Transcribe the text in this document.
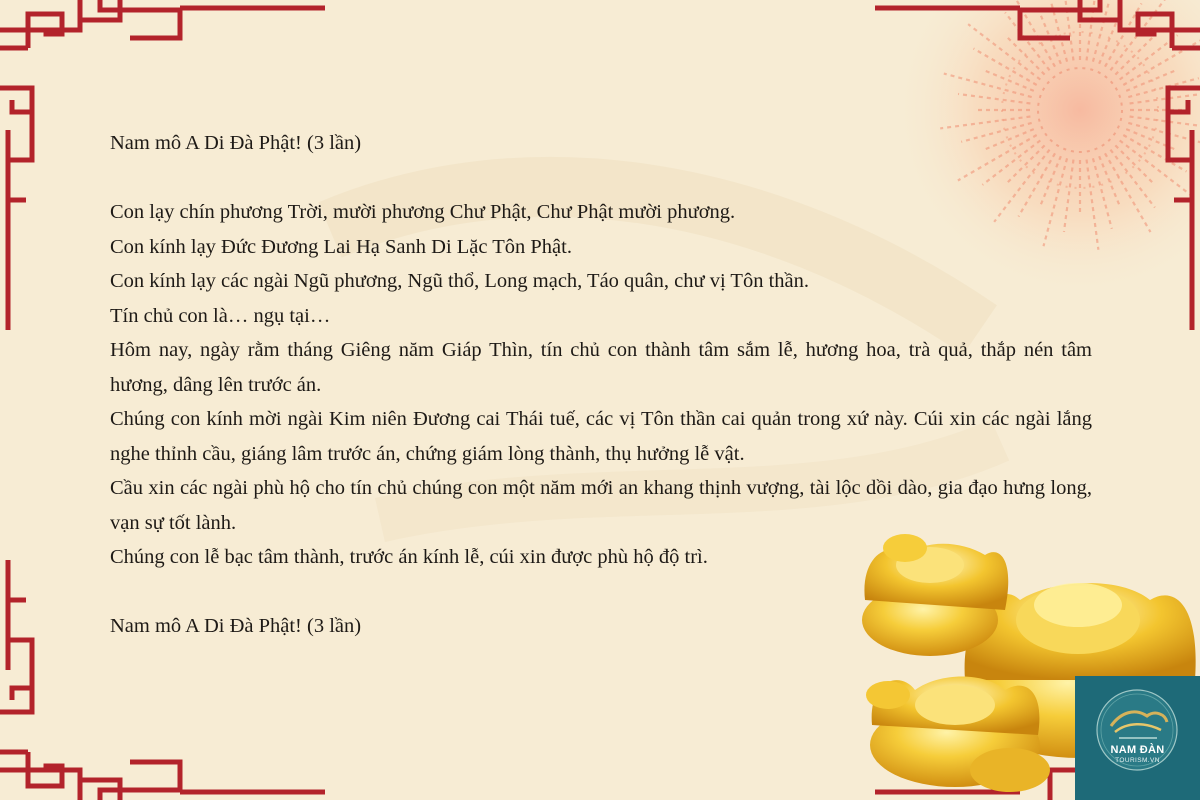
Nam mô A Di Đà Phật! (3 lần)

Con lạy chín phương Trời, mười phương Chư Phật, Chư Phật mười phương.

Con kính lạy Đức Đương Lai Hạ Sanh Di Lặc Tôn Phật.

Con kính lạy các ngài Ngũ phương, Ngũ thổ, Long mạch, Táo quân, chư vị Tôn thần.

Tín chủ con là… ngụ tại…

Hôm nay, ngày rằm tháng Giêng năm Giáp Thìn, tín chủ con thành tâm sắm lễ, hương hoa, trà quả, thắp nén tâm hương, dâng lên trước án.

Chúng con kính mời ngài Kim niên Đương cai Thái tuế, các vị Tôn thần cai quản trong xứ này. Cúi xin các ngài lắng nghe thỉnh cầu, giáng lâm trước án, chứng giám lòng thành, thụ hưởng lễ vật.

Cầu xin các ngài phù hộ cho tín chủ chúng con một năm mới an khang thịnh vượng, tài lộc dồi dào, gia đạo hưng long, vạn sự tốt lành.

Chúng con lễ bạc tâm thành, trước án kính lễ, cúi xin được phù hộ độ trì.

Nam mô A Di Đà Phật! (3 lần)

NAM ĐÀN
TOURISM.VN
